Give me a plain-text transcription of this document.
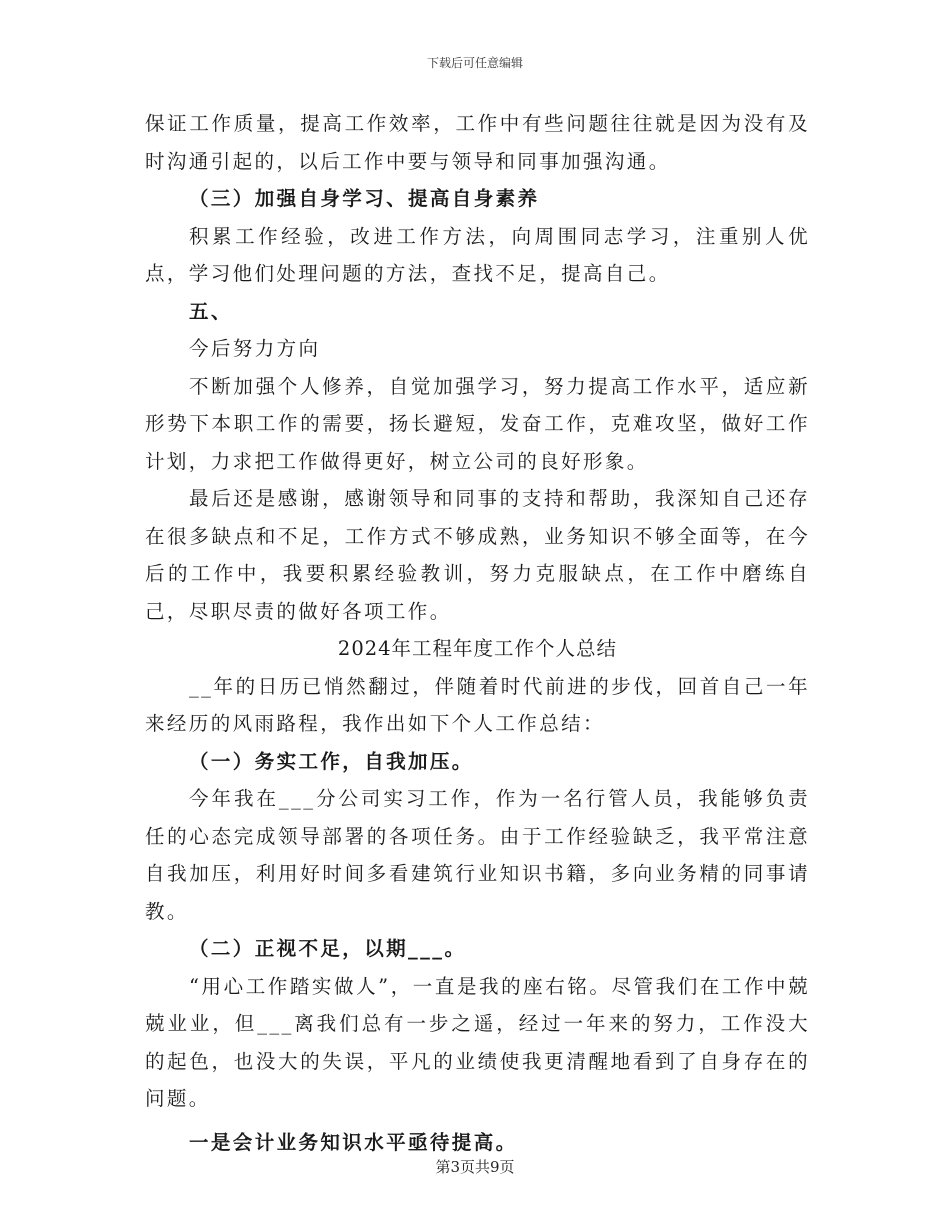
下载后可任意编辑

保证工作质量，提高工作效率，工作中有些问题往往就是因为没有及时沟通引起的，以后工作中要与领导和同事加强沟通。

（三）加强自身学习、提高自身素养

积累工作经验，改进工作方法，向周围同志学习，注重别人优点，学习他们处理问题的方法，查找不足，提高自己。

五、

今后努力方向

不断加强个人修养，自觉加强学习，努力提高工作水平，适应新形势下本职工作的需要，扬长避短，发奋工作，克难攻坚，做好工作计划，力求把工作做得更好，树立公司的良好形象。

最后还是感谢，感谢领导和同事的支持和帮助，我深知自己还存在很多缺点和不足，工作方式不够成熟，业务知识不够全面等，在今后的工作中，我要积累经验教训，努力克服缺点，在工作中磨练自己，尽职尽责的做好各项工作。

2024年工程年度工作个人总结

__年的日历已悄然翻过，伴随着时代前进的步伐，回首自己一年来经历的风雨路程，我作出如下个人工作总结：

（一）务实工作，自我加压。

今年我在___分公司实习工作，作为一名行管人员，我能够负责任的心态完成领导部署的各项任务。由于工作经验缺乏，我平常注意自我加压，利用好时间多看建筑行业知识书籍，多向业务精的同事请教。

（二）正视不足，以期___。

“用心工作踏实做人”，一直是我的座右铭。尽管我们在工作中兢兢业业，但___离我们总有一步之遥，经过一年来的努力，工作没大的起色，也没大的失误，平凡的业绩使我更清醒地看到了自身存在的问题。

一是会计业务知识水平亟待提高。

第3页共9页
